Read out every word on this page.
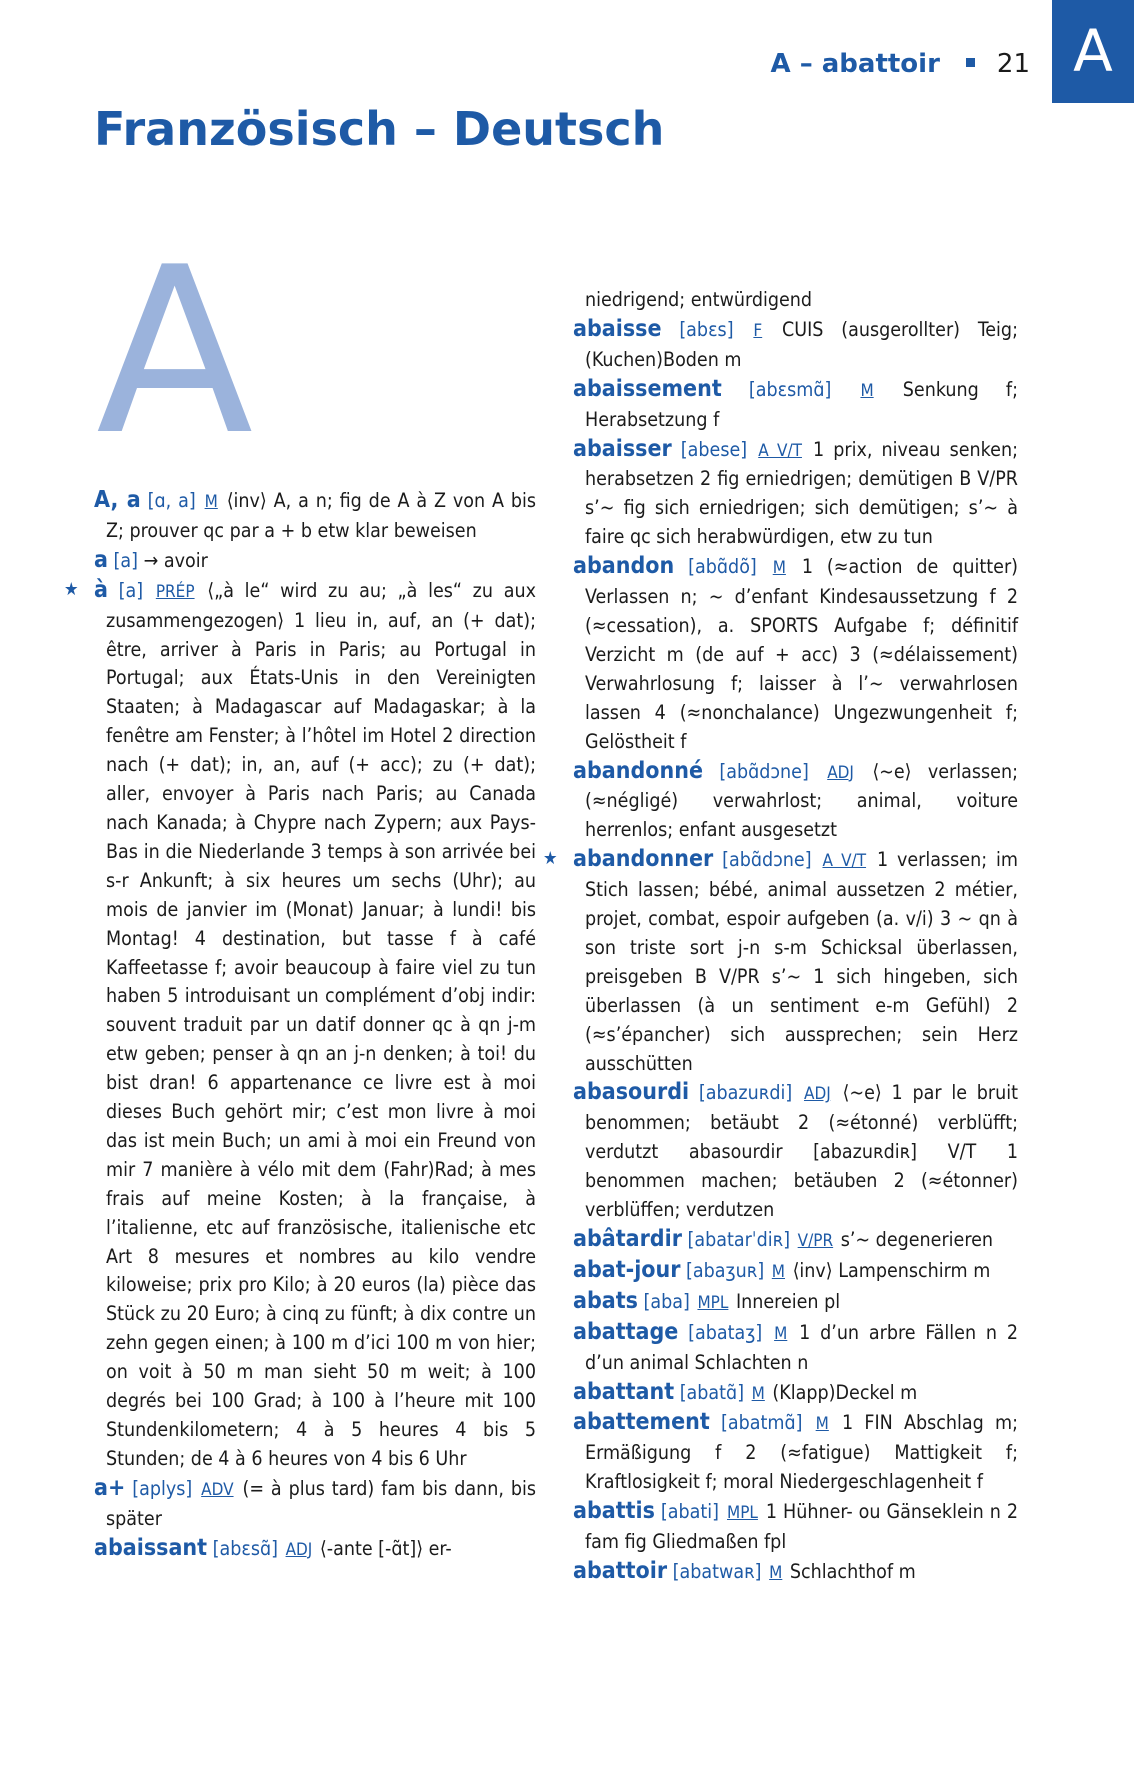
A
A – abattoir 21
Französisch – Deutsch
A

A, a [ɑ, a] M ⟨inv⟩ A, a n; fig de A à Z von A bis Z; prouver qc par a + b etw klar beweisen

a [a] → avoir

★ à [a] PRÉP ⟨„à le“ wird zu au; „à les“ zu aux zusammengezogen⟩ 1 lieu in, auf, an (+ dat); être, arriver à Paris in Paris; au Portugal in Portugal; aux États-Unis in den Vereinigten Staaten; à Madagascar auf Madagaskar; à la fenêtre am Fenster; à l’hôtel im Hotel 2 direction nach (+ dat); in, an, auf (+ acc); zu (+ dat); aller, envoyer à Paris nach Paris; au Canada nach Kanada; à Chypre nach Zypern; aux Pays-Bas in die Niederlande 3 temps à son arrivée bei s-r Ankunft; à six heures um sechs (Uhr); au mois de janvier im (Monat) Januar; à lundi! bis Montag! 4 destination, but tasse f à café Kaffeetasse f; avoir beaucoup à faire viel zu tun haben 5 introduisant un complément d’obj indir: souvent traduit par un datif donner qc à qn j-m etw geben; penser à qn an j-n denken; à toi! du bist dran! 6 appartenance ce livre est à moi dieses Buch gehört mir; c’est mon livre à moi das ist mein Buch; un ami à moi ein Freund von mir 7 manière à vélo mit dem (Fahr)Rad; à mes frais auf meine Kosten; à la française, à l’italienne, etc auf französische, italienische etc Art 8 mesures et nombres au kilo vendre kiloweise; prix pro Kilo; à 20 euros (la) pièce das Stück zu 20 Euro; à cinq zu fünft; à dix contre un zehn gegen einen; à 100 m d’ici 100 m von hier; on voit à 50 m man sieht 50 m weit; à 100 degrés bei 100 Grad; à 100 à l’heure mit 100 Stundenkilometern; 4 à 5 heures 4 bis 5 Stunden; de 4 à 6 heures von 4 bis 6 Uhr

a+ [aplys] ADV (= à plus tard) fam bis dann, bis später

abaissant [abɛsɑ̃] ADJ ⟨-ante [-ɑ̃t]⟩ er-

niedrigend; entwürdigend

abaisse [abɛs] F CUIS (ausgerollter) Teig; (Kuchen)Boden m

abaissement [abɛsmɑ̃] M Senkung f; Herabsetzung f

abaisser [abese] A V/T 1 prix, niveau senken; herabsetzen 2 fig erniedrigen; demütigen B V/PR s’~ fig sich erniedrigen; sich demütigen; s’~ à faire qc sich herabwürdigen, etw zu tun

abandon [abɑ̃dõ] M 1 (≈action de quitter) Verlassen n; ~ d’enfant Kindesaussetzung f 2 (≈cessation), a. SPORTS Aufgabe f; définitif Verzicht m (de auf + acc) 3 (≈délaissement) Verwahrlosung f; laisser à l’~ verwahrlosen lassen 4 (≈nonchalance) Ungezwungenheit f; Gelöstheit f

abandonné [abɑ̃dɔne] ADJ ⟨~e⟩ verlassen; (≈négligé) verwahrlost; animal, voiture herrenlos; enfant ausgesetzt

★ abandonner [abɑ̃dɔne] A V/T 1 verlassen; im Stich lassen; bébé, animal aussetzen 2 métier, projet, combat, espoir aufgeben (a. v/i) 3 ~ qn à son triste sort j-n s-m Schicksal überlassen, preisgeben B V/PR s’~ 1 sich hingeben, sich überlassen (à un sentiment e-m Gefühl) 2 (≈s’épancher) sich aussprechen; sein Herz ausschütten

abasourdi [abazuʀdi] ADJ ⟨~e⟩ 1 par le bruit benommen; betäubt 2 (≈étonné) verblüfft; verdutzt abasourdir [abazuʀdiʀ] V/T 1 benommen machen; betäuben 2 (≈étonner) verblüffen; verdutzen

abâtardir [abatarˈdiʀ] V/PR s’~ degenerieren

abat-jour [abaʒuʀ] M ⟨inv⟩ Lampenschirm m

abats [aba] MPL Innereien pl

abattage [abataʒ] M 1 d’un arbre Fällen n 2 d’un animal Schlachten n

abattant [abatɑ̃] M (Klapp)Deckel m

abattement [abatmɑ̃] M 1 FIN Abschlag m; Ermäßigung f 2 (≈fatigue) Mattigkeit f; Kraftlosigkeit f; moral Niedergeschlagenheit f

abattis [abati] MPL 1 Hühner- ou Gänseklein n 2 fam fig Gliedmaßen fpl

abattoir [abatwaʀ] M Schlachthof m
